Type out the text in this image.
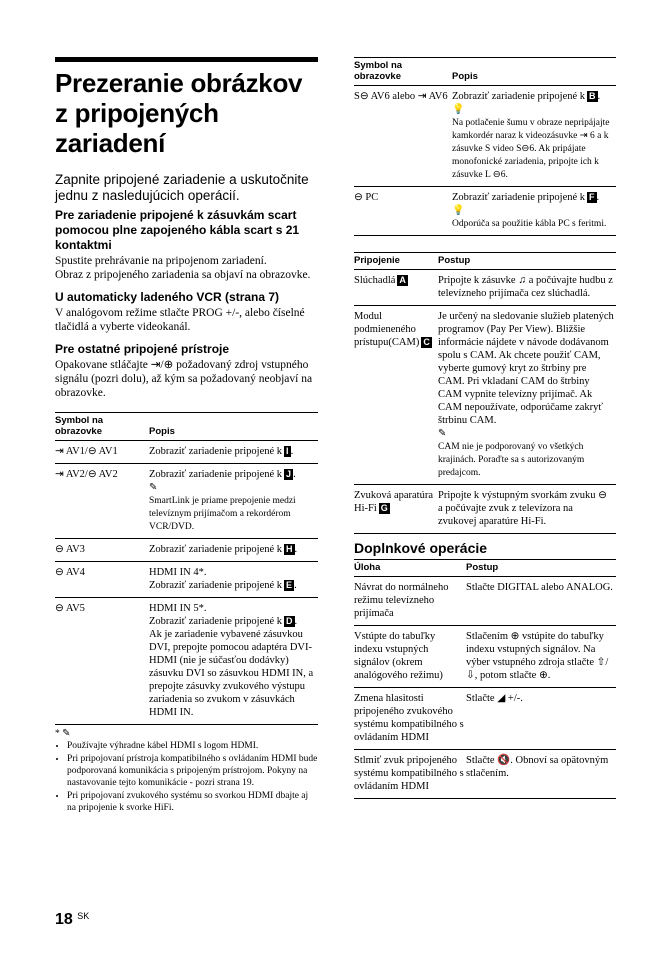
Prezeranie obrázkov z pripojených zariadení

Zapnite pripojené zariadenie a uskutočnite jednu z nasledujúcich operácií.

Pre zariadenie pripojené k zásuvkám scart pomocou plne zapojeného kábla scart s 21 kontaktmi

Spustite prehrávanie na pripojenom zariadení.

Obraz z pripojeného zariadenia sa objaví na obrazovke.

U automaticky ladeného VCR (strana 7)

V analógovom režime stlačte PROG +/-, alebo číselné tlačidlá a vyberte videokanál.

Pre ostatné pripojené prístroje

Opakovane stláčajte ⇥/⊕ požadovaný zdroj vstupného signálu (pozri dolu), až kým sa požadovaný neobjaví na obrazovke.

Symbol na obrazovke	Popis
⇥ AV1/⊖ AV1	Zobraziť zariadenie pripojené k I .
⇥ AV2/⊖ AV2	Zobraziť zariadenie pripojené k J .
✎
SmartLink je priame prepojenie medzi televíznym prijímačom a rekordérom VCR/DVD.
⊖ AV3	Zobraziť zariadenie pripojené k H .
⊖ AV4	HDMI IN 4*.
Zobraziť zariadenie pripojené k E .
⊖ AV5	HDMI IN 5*.
Zobraziť zariadenie pripojené k D .
Ak je zariadenie vybavené zásuvkou DVI, prepojte pomocou adaptéra DVI-HDMI (nie je súčasťou dodávky) zásuvku DVI so zásuvkou HDMI IN, a prepojte zásuvky zvukového výstupu zariadenia so zvukom v zásuvkách HDMI IN.
* ✎
• Používajte výhradne kábel HDMI s logom HDMI.
• Pri pripojovaní prístroja kompatibilného s ovládaním HDMI bude podporovaná komunikácia s pripojeným prístrojom. Pokyny na nastavovanie tejto komunikácie - pozri strana 19.
• Pri pripojovaní zvukového systému so svorkou HDMI dbajte aj na pripojenie k svorke HiFi.
Symbol na obrazovke	Popis
S⊖ AV6 alebo ⇥ AV6	Zobraziť zariadenie pripojené k B .
💡
Na potlačenie šumu v obraze nepripájajte kamkordér naraz k videozásuvke ⇥ 6 a k zásuvke S video S⊖6. Ak pripájate monofonické zariadenia, pripojte ich k zásuvke L ⊖6.
⊖ PC	Zobraziť zariadenie pripojené k F .
💡
Odporúča sa použitie kábla PC s feritmi.
Pripojenie	Postup
Slúchadlá A	Pripojte k zásuvke ♫ a počúvajte hudbu z televízneho prijímača cez slúchadlá.
Modul podmieneného prístupu(CAM) C	Je určený na sledovanie služieb platených programov (Pay Per View). Bližšie informácie nájdete v návode dodávanom spolu s CAM. Ak chcete použiť CAM, vyberte gumový kryt zo štrbiny pre CAM. Pri vkladaní CAM do štrbiny CAM vypnite televízny prijímač. Ak CAM nepoužívate, odporúčame zakryť štrbinu CAM.
✎
CAM nie je podporovaný vo všetkých krajinách. Poraďte sa s autorizovaným predajcom.
Zvuková aparatúra Hi-Fi G	Pripojte k výstupným svorkám zvuku ⊖ a počúvajte zvuk z televízora na zvukovej aparatúre Hi-Fi.
Doplnkové operácie
Úloha	Postup
Návrat do normálneho režimu televízneho prijímača	Stlačte DIGITAL alebo ANALOG.
Vstúpte do tabuľky indexu vstupných signálov (okrem analógového režimu)	Stlačením ⊕ vstúpite do tabuľky indexu vstupných signálov. Na výber vstupného zdroja stlačte ⇧/⇩, potom stlačte ⊕.
Zmena hlasitosti pripojeného zvukového systému kompatibilného s ovládaním HDMI	Stlačte ◢ +/-.
Stlmiť zvuk pripojeného systému kompatibilného s ovládaním HDMI	Stlačte 🔇. Obnoví sa opätovným stlačením.
18 $^{SK}$
